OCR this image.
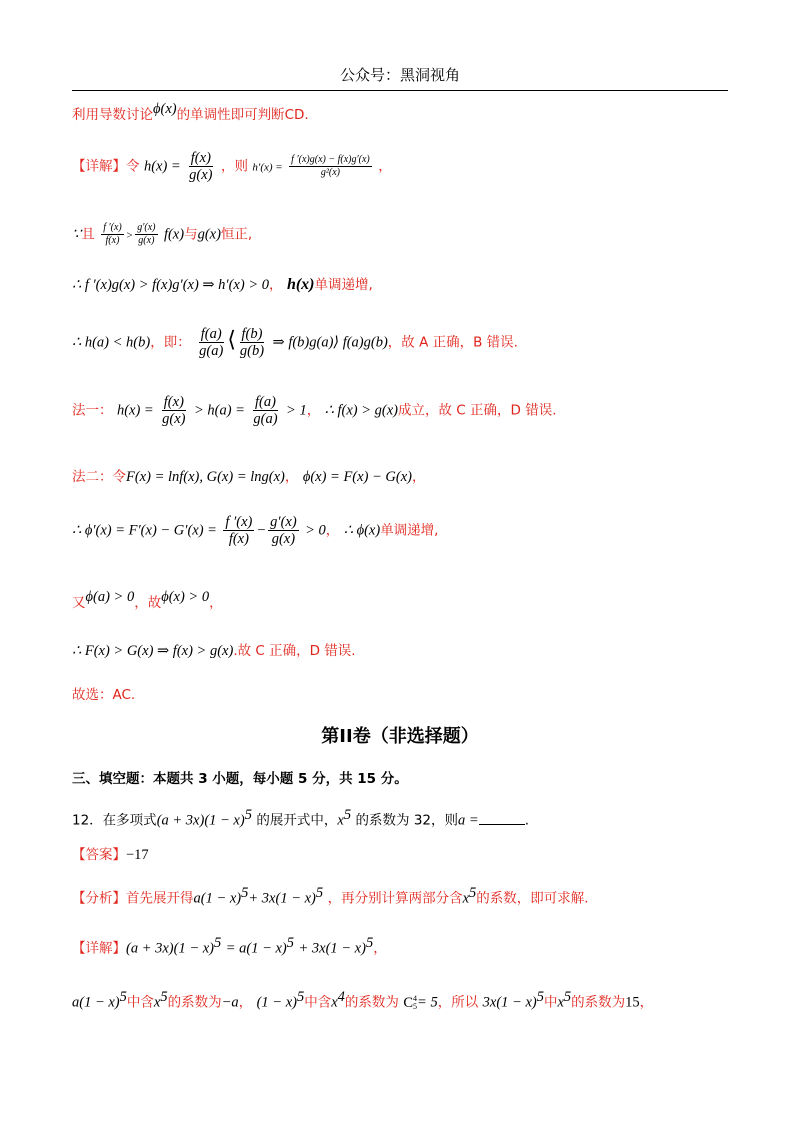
公众号：黑洞视角
利用导数讨论ϕ(x)的单调性即可判断CD.
【详解】令 $h(x) = \frac{f(x)}{g(x)}$ ，则 $h'(x) = \frac{f '(x)g(x) - f(x)g'(x)}{\text{g²(x)}}$ ，
∵且 $\frac{f '(x)}{f(x)} > \frac{g'(x)}{g(x)} f(x)$与g(x)恒正,
∴ f ′(x)g(x) > f(x)g′(x) ⇒ h′(x) > 0， h(x)单调递增,
∴ h(a) < h(b)，即： $\frac{f(a)}{g(a)}$ ⟨ $\frac{f(b)}{g(b)}$ ⇒ f(b)g(a)⟩ f(a)g(b)，故 A 正确，B 错误.
法一： $h(x) = \frac{f(x)}{g(x)} > h(a) = \frac{f(a)}{g(a)} > 1$， ∴ f(x) > g(x)成立，故 C 正确，D 错误.
法二：令F(x) = lnf(x), G(x) = lng(x)， ϕ(x) = F(x) − G(x)，
∴ $\phi'(x) = F'(x) - G'(x) = \frac{f '(x)}{f(x)} - \frac{g'(x)}{g(x)} > 0$， ∴ ϕ(x)单调递增,
又ϕ(a) > 0，故ϕ(x) > 0，
∴ F(x) > G(x) ⇒ f(x) > g(x).故 C 正确，D 错误.
故选：AC.
第II卷（非选择题）
三、填空题：本题共 3 小题，每小题 5 分，共 15 分。
12．在多项式$(a + 3x)(1 - x)^5$ 的展开式中，$x^5$ 的系数为 32，则a =	.
【答案】−17
【分析】首先展开得$a(1 - x)^5+ 3x(1 - x)^5$ ，再分别计算两部分含$x^5$的系数，即可求解.
【详解】$(a + 3x)(1 - x)^5 = a(1 - x)^5 + 3x(1 - x)^5$，
$a(1 - x)^5$中含$x^5$的系数为−a， $(1 - x)^5$中含$x^4$的系数为 C 4
5 = 5，所以 $3x(1 - x)^5$中$x^5$的系数为15，
